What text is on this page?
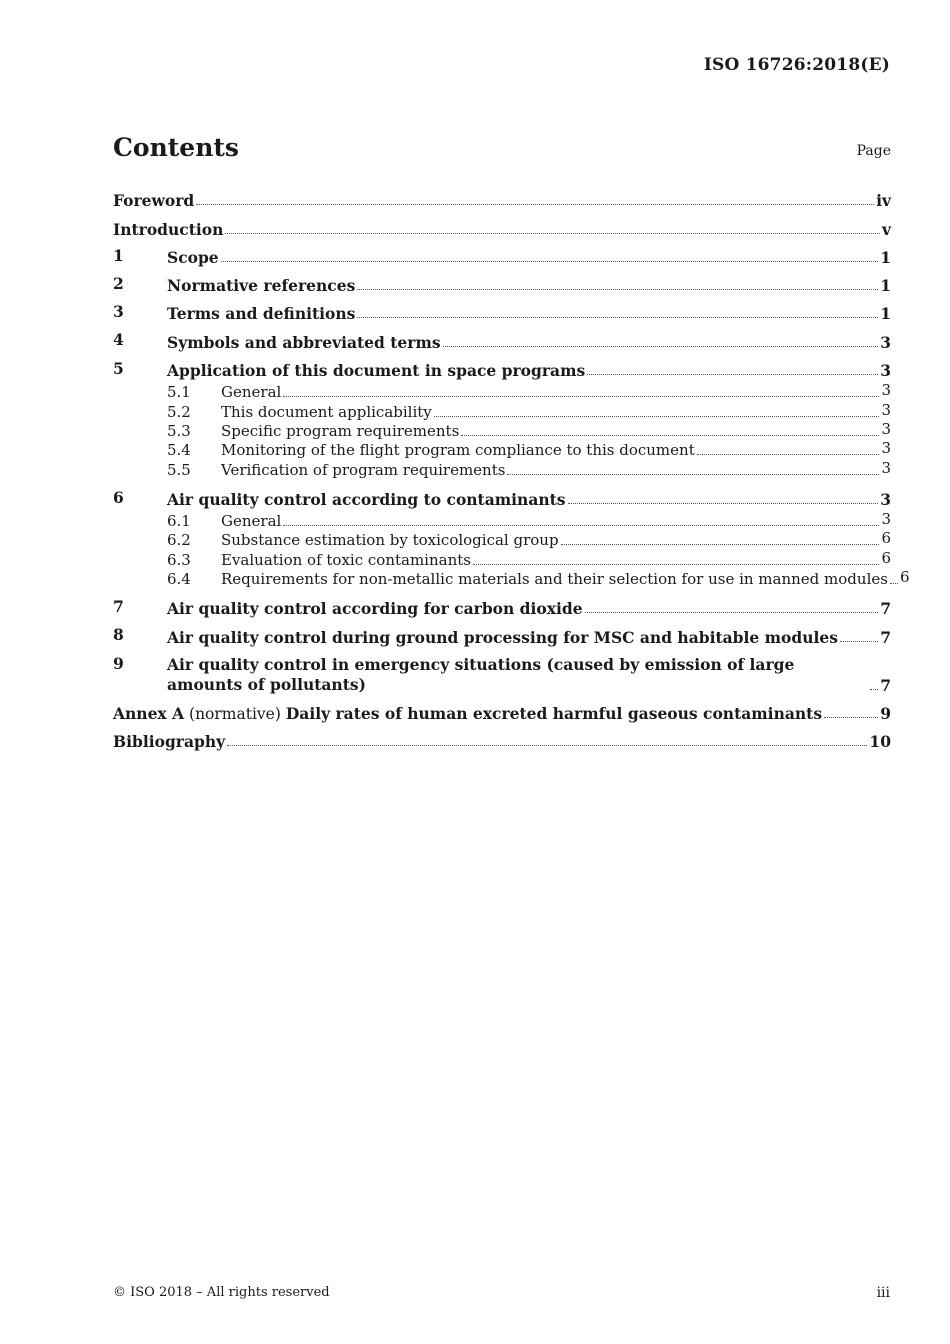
ISO 16726:2018(E)
Contents	Page
Foreword	iv
Introduction	v
1	Scope	1
2	Normative references	1
3	Terms and definitions	1
4	Symbols and abbreviated terms	3
5	Application of this document in space programs	3
5.1	General	3
5.2	This document applicability	3
5.3	Specific program requirements	3
5.4	Monitoring of the flight program compliance to this document	3
5.5	Verification of program requirements	3
6	Air quality control according to contaminants	3
6.1	General	3
6.2	Substance estimation by toxicological group	6
6.3	Evaluation of toxic contaminants	6
6.4	Requirements for non-metallic materials and their selection for use in manned modules 6
7	Air quality control according for carbon dioxide	7
8	Air quality control during ground processing for MSC and habitable modules	7
9	Air quality control in emergency situations (caused by emission of large amounts of pollutants)	7
Annex A (normative) Daily rates of human excreted harmful gaseous contaminants	9
Bibliography	10
© ISO 2018 – All rights reserved	iii
